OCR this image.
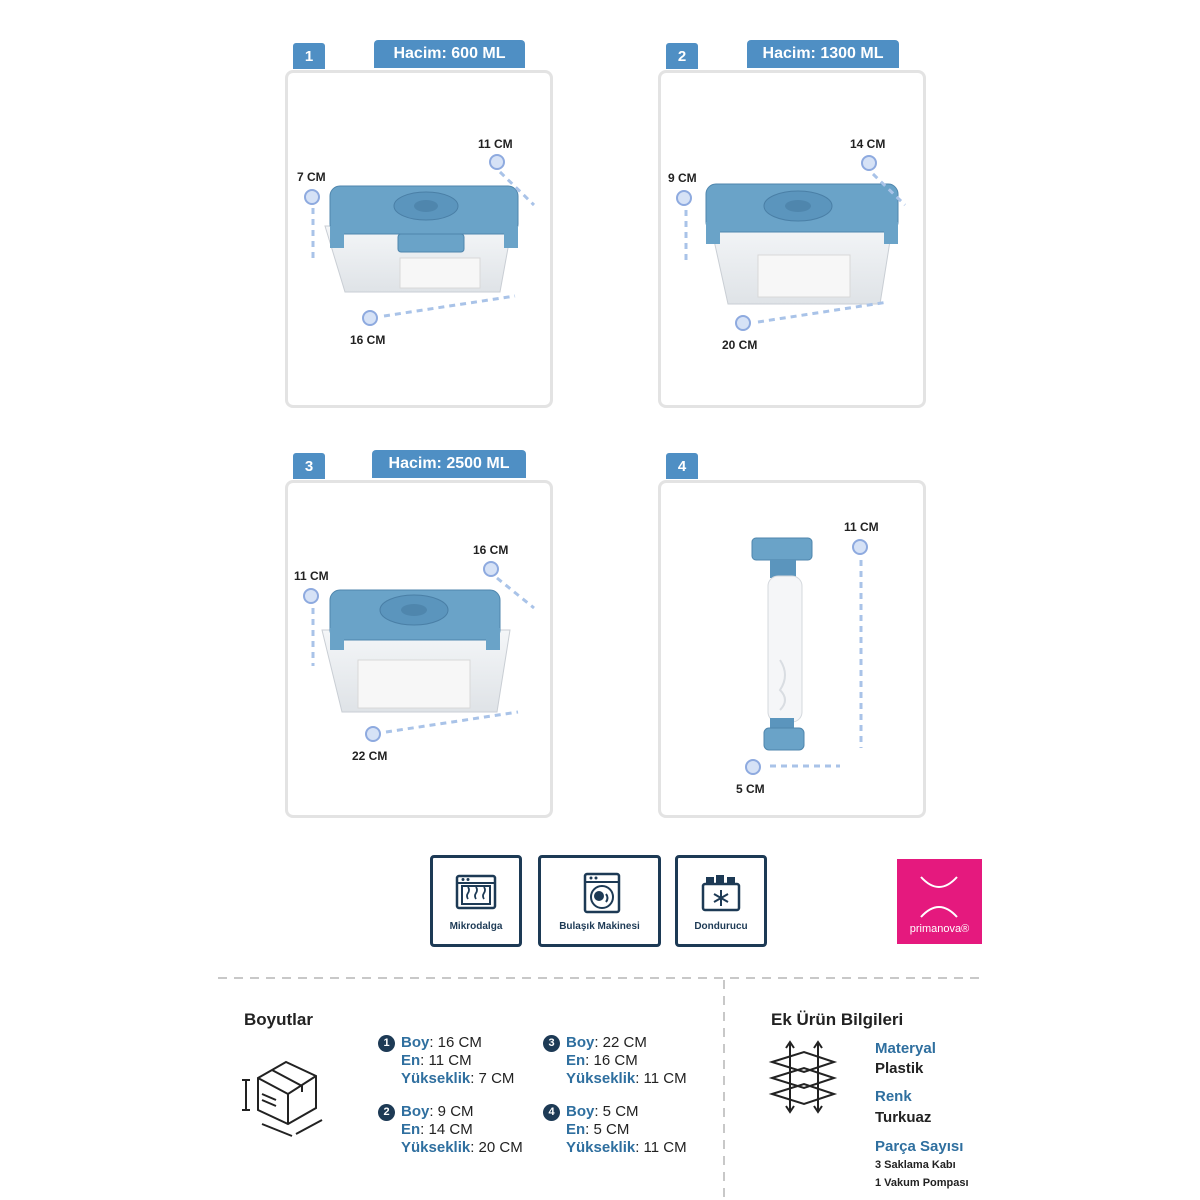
1	Hacim: 600 ML	2	Hacim: 1300 ML
3	Hacim: 2500 ML	4
7 CM
11 CM
16 CM
9 CM
14 CM
20 CM
11 CM
16 CM
22 CM
11 CM
5 CM
Mikrodalga	Bulaşık Makinesi	Dondurucu	primanova®
Boyutlar
1 Boy: 16 CM
En: 11 CM
Yükseklik: 7 CM
2 Boy: 9 CM
En: 14 CM
Yükseklik: 20 CM
3 Boy: 22 CM
En: 16 CM
Yükseklik: 11 CM
4 Boy: 5 CM
En: 5 CM
Yükseklik: 11 CM
Ek Ürün Bilgileri
Materyal
Plastik
Renk
Turkuaz
Parça Sayısı
3 Saklama Kabı
1 Vakum Pompası
